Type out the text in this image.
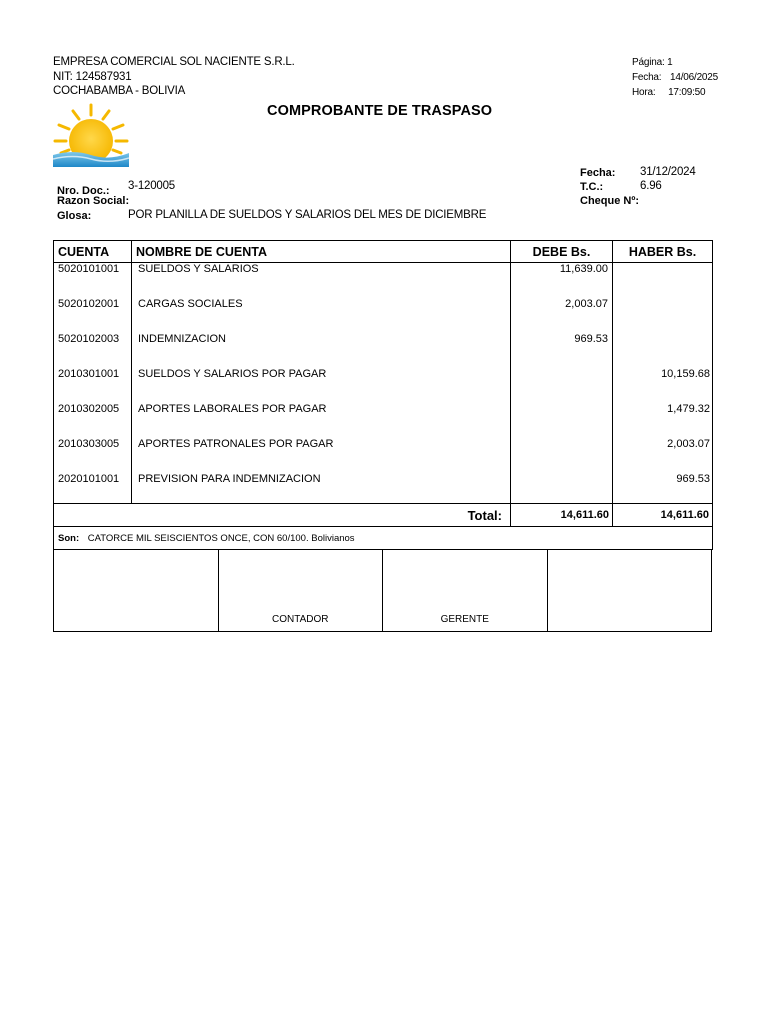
EMPRESA COMERCIAL SOL NACIENTE S.R.L.
NIT: 124587931
COCHABAMBA - BOLIVIA
Página: 1
Fecha: 14/06/2025
Hora: 17:09:50
COMPROBANTE DE TRASPASO
Nro. Doc.: 3-120005
Razon Social:
Glosa:	POR PLANILLA DE SUELDOS Y SALARIOS DEL MES DE DICIEMBRE
Fecha: 31/12/2024
T.C.:	6.96
Cheque Nº:
CUENTA	NOMBRE DE CUENTA	DEBE Bs.	HABER Bs.
5020101001	SUELDOS Y SALARIOS	11,639.00	
5020102001	CARGAS SOCIALES	2,003.07	
5020102003	INDEMNIZACION	969.53	
2010301001	SUELDOS Y SALARIOS POR PAGAR		10,159.68
2010302005	APORTES LABORALES POR PAGAR		1,479.32
2010303005	APORTES PATRONALES POR PAGAR		2,003.07
2020101001	PREVISION PARA INDEMNIZACION		969.53
Total:		14,611.60	14,611.60
Son: CATORCE MIL SEISCIENTOS ONCE, CON 60/100. Bolivianos			
CONTADOR	GERENTE
